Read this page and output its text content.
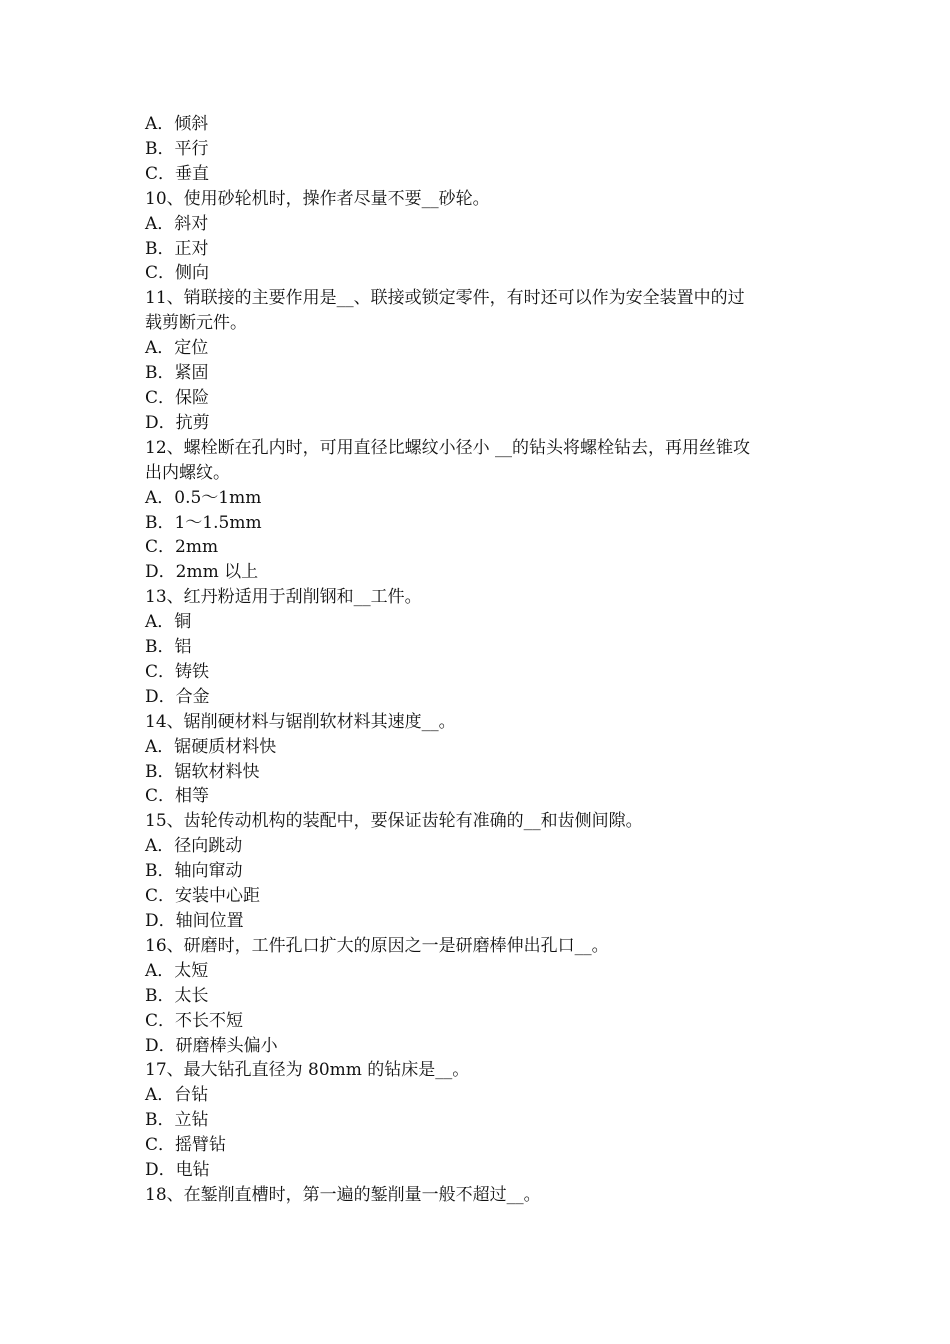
A．倾斜

B．平行

C．垂直

10、使用砂轮机时，操作者尽量不要__砂轮。

A．斜对

B．正对

C．侧向

11、销联接的主要作用是__、联接或锁定零件，有时还可以作为安全装置中的过

载剪断元件。

A．定位

B．紧固

C．保险

D．抗剪

12、螺栓断在孔内时，可用直径比螺纹小径小 __的钻头将螺栓钻去，再用丝锥攻

出内螺纹。

A．0.5～1mm

B．1～1.5mm

C．2mm

D．2mm 以上

13、红丹粉适用于刮削钢和__工件。

A．铜

B．铝

C．铸铁

D．合金

14、锯削硬材料与锯削软材料其速度__。

A．锯硬质材料快

B．锯软材料快

C．相等

15、齿轮传动机构的装配中，要保证齿轮有准确的__和齿侧间隙。

A．径向跳动

B．轴向窜动

C．安装中心距

D．轴间位置

16、研磨时，工件孔口扩大的原因之一是研磨棒伸出孔口__。

A．太短

B．太长

C．不长不短

D．研磨棒头偏小

17、最大钻孔直径为 80mm 的钻床是__。

A．台钻

B．立钻

C．摇臂钻

D．电钻

18、在錾削直槽时，第一遍的錾削量一般不超过__。
